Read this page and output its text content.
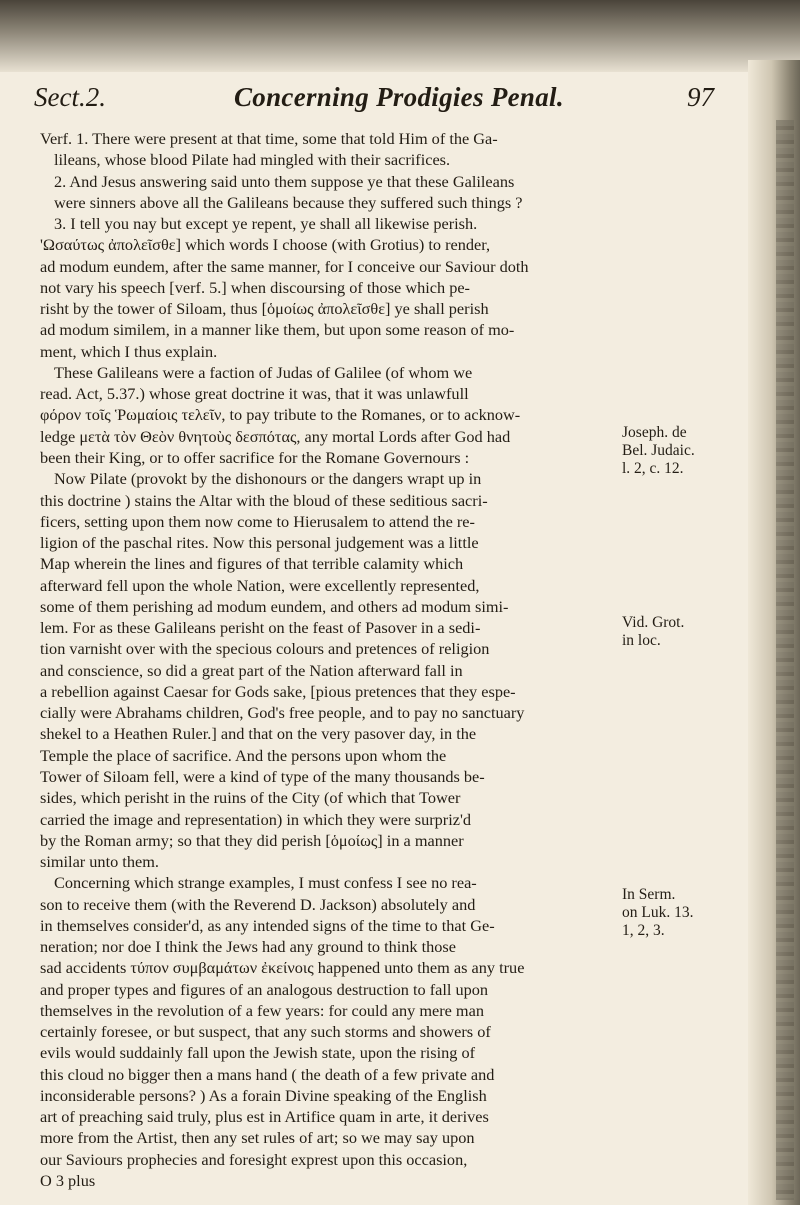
Sect.2.	Concerning Prodigies Penal.	97
Verf. 1. There were present at that time, some that told Him of the Ga-
lileans, whose blood Pilate had mingled with their sacrifices.
2. And Jesus answering said unto them suppose ye that these Galileans
were sinners above all the Galileans because they suffered such things ?
3. I tell you nay but except ye repent, ye shall all likewise perish.
'Ωσαύτως ἀπολεῖσθε] which words I choose (with Grotius) to render,
ad modum eundem, after the same manner, for I conceive our Saviour doth
not vary his speech [verf. 5.] when discoursing of those which pe-
risht by the tower of Siloam, thus [ὁμοίως ἀπολεῖσθε] ye shall perish
ad modum similem, in a manner like them, but upon some reason of mo-
ment, which I thus explain.
These Galileans were a faction of Judas of Galilee (of whom we
read. Act, 5.37.) whose great doctrine it was, that it was unlawfull
φόρον τοῖς Ῥωμαίοις τελεῖν, to pay tribute to the Romanes, or to acknow-
ledge μετὰ τὸν Θεὸν θνητοὺς δεσπότας, any mortal Lords after God had
been their King, or to offer sacrifice for the Romane Governours :
Now Pilate (provokt by the dishonours or the dangers wrapt up in
this doctrine ) stains the Altar with the bloud of these seditious sacri-
ficers, setting upon them now come to Hierusalem to attend the re-
ligion of the paschal rites. Now this personal judgement was a little
Map wherein the lines and figures of that terrible calamity which
afterward fell upon the whole Nation, were excellently represented,
some of them perishing ad modum eundem, and others ad modum simi-
lem. For as these Galileans perisht on the feast of Pasover in a sedi-
tion varnisht over with the specious colours and pretences of religion
and conscience, so did a great part of the Nation afterward fall in
a rebellion against Caesar for Gods sake, [pious pretences that they espe-
cially were Abrahams children, God's free people, and to pay no sanctuary
shekel to a Heathen Ruler.] and that on the very pasover day, in the
Temple the place of sacrifice. And the persons upon whom the
Tower of Siloam fell, were a kind of type of the many thousands be-
sides, which perisht in the ruins of the City (of which that Tower
carried the image and representation) in which they were surpriz'd
by the Roman army; so that they did perish [ὁμοίως] in a manner
similar unto them.
Concerning which strange examples, I must confess I see no rea-
son to receive them (with the Reverend D. Jackson) absolutely and
in themselves consider'd, as any intended signs of the time to that Ge-
neration; nor doe I think the Jews had any ground to think those
sad accidents τύπον συμβαμάτων ἐκείνοις happened unto them as any true
and proper types and figures of an analogous destruction to fall upon
themselves in the revolution of a few years: for could any mere man
certainly foresee, or but suspect, that any such storms and showers of
evils would suddainly fall upon the Jewish state, upon the rising of
this cloud no bigger then a mans hand ( the death of a few private and
inconsiderable persons? ) As a forain Divine speaking of the English
art of preaching said truly, plus est in Artifice quam in arte, it derives
more from the Artist, then any set rules of art; so we may say upon
our Saviours prophecies and foresight exprest upon this occasion,
O 3 plus
Joseph. de
Bel. Judaic.
l. 2, c. 12.
Vid. Grot.
in loc.
In Serm.
on Luk. 13.
1, 2, 3.
